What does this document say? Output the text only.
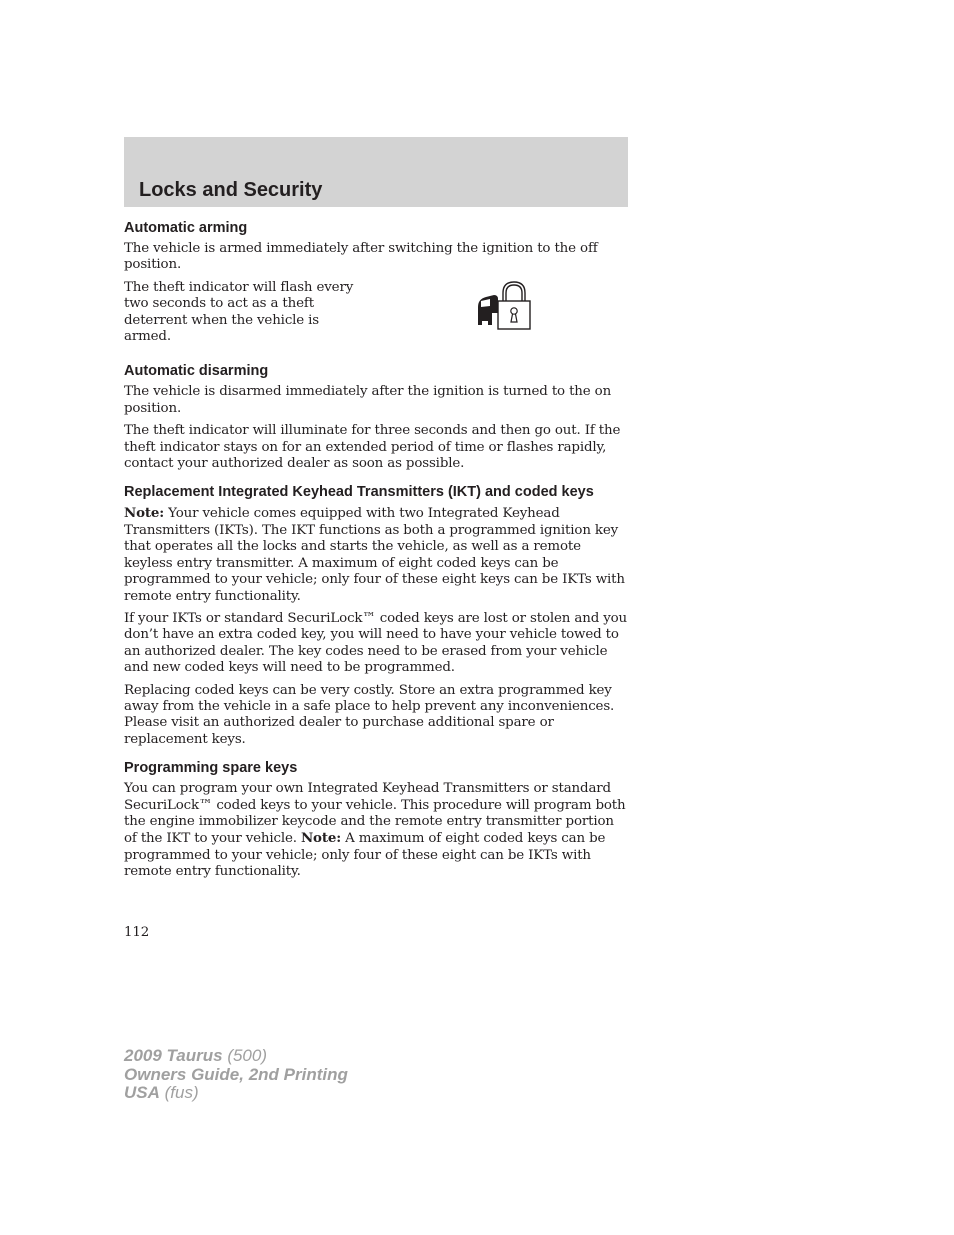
Locks and Security
Automatic arming

The vehicle is armed immediately after switching the ignition to the off position.

The theft indicator will flash every two seconds to act as a theft deterrent when the vehicle is armed.

Automatic disarming

The vehicle is disarmed immediately after the ignition is turned to the on position.

The theft indicator will illuminate for three seconds and then go out. If the theft indicator stays on for an extended period of time or flashes rapidly, contact your authorized dealer as soon as possible.

Replacement Integrated Keyhead Transmitters (IKT) and coded keys

Note: Your vehicle comes equipped with two Integrated Keyhead Transmitters (IKTs). The IKT functions as both a programmed ignition key that operates all the locks and starts the vehicle, as well as a remote keyless entry transmitter. A maximum of eight coded keys can be programmed to your vehicle; only four of these eight keys can be IKTs with remote entry functionality.

If your IKTs or standard SecuriLock™ coded keys are lost or stolen and you don’t have an extra coded key, you will need to have your vehicle towed to an authorized dealer. The key codes need to be erased from your vehicle and new coded keys will need to be programmed.

Replacing coded keys can be very costly. Store an extra programmed key away from the vehicle in a safe place to help prevent any inconveniences. Please visit an authorized dealer to purchase additional spare or replacement keys.

Programming spare keys

You can program your own Integrated Keyhead Transmitters or standard SecuriLock™ coded keys to your vehicle. This procedure will program both the engine immobilizer keycode and the remote entry transmitter portion of the IKT to your vehicle. Note: A maximum of eight coded keys can be programmed to your vehicle; only four of these eight can be IKTs with remote entry functionality.

112

2009 Taurus (500)
Owners Guide, 2nd Printing
USA (fus)
